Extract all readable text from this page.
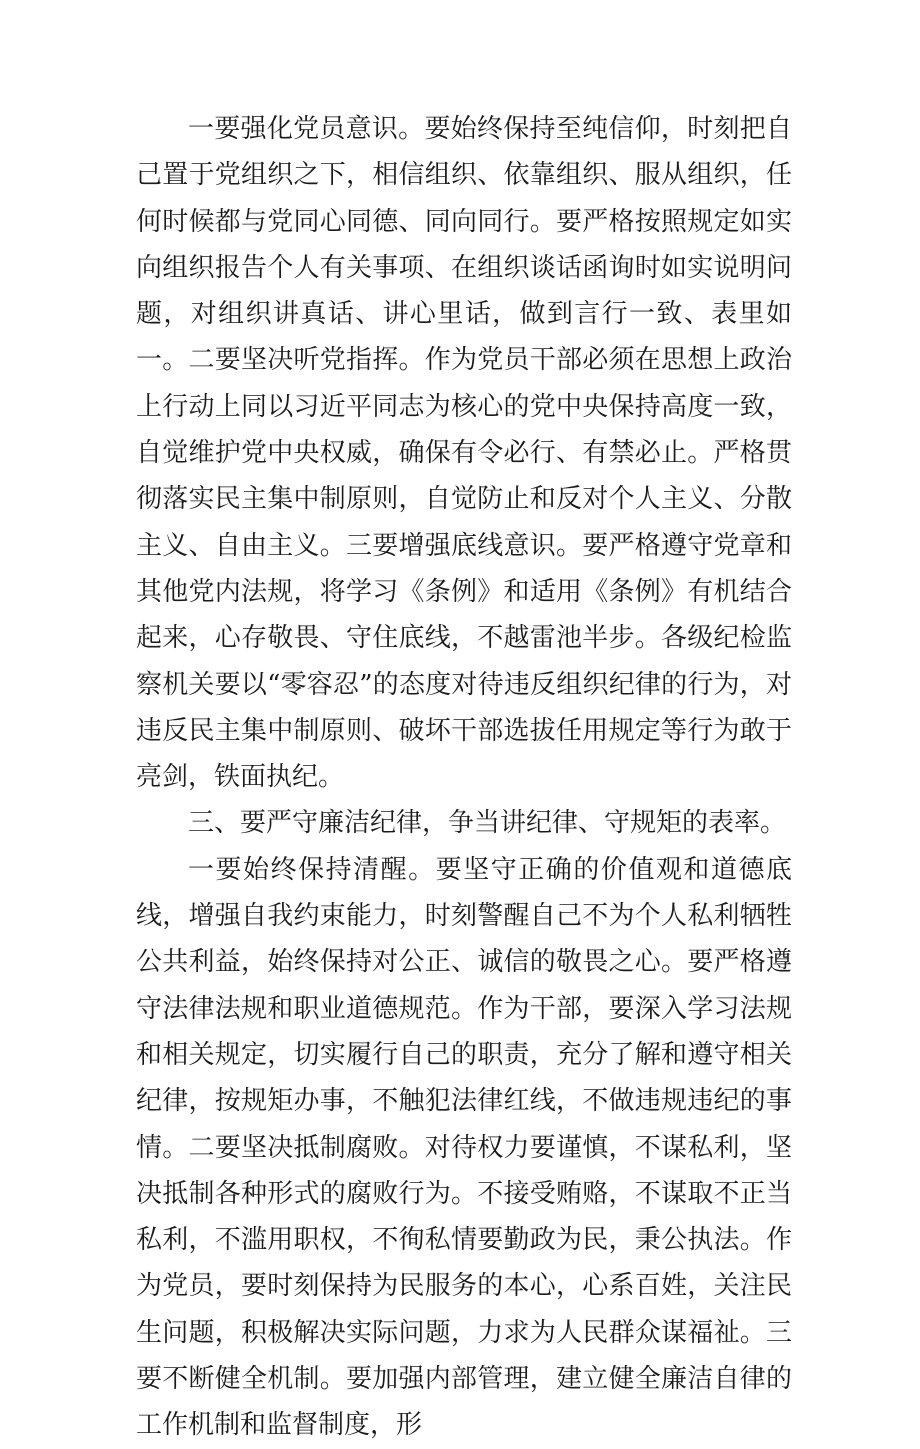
一要强化党员意识。要始终保持至纯信仰，时刻把自己置于党组织之下，相信组织、依靠组织、服从组织，任何时候都与党同心同德、同向同行。要严格按照规定如实向组织报告个人有关事项、在组织谈话函询时如实说明问题，对组织讲真话、讲心里话，做到言行一致、表里如一。二要坚决听党指挥。作为党员干部必须在思想上政治上行动上同以习近平同志为核心的党中央保持高度一致，自觉维护党中央权威，确保有令必行、有禁必止。严格贯彻落实民主集中制原则，自觉防止和反对个人主义、分散主义、自由主义。三要增强底线意识。要严格遵守党章和其他党内法规，将学习《条例》和适用《条例》有机结合起来，心存敬畏、守住底线，不越雷池半步。各级纪检监察机关要以“零容忍”的态度对待违反组织纪律的行为，对违反民主集中制原则、破坏干部选拔任用规定等行为敢于亮剑，铁面执纪。

三、要严守廉洁纪律，争当讲纪律、守规矩的表率。

一要始终保持清醒。要坚守正确的价值观和道德底线，增强自我约束能力，时刻警醒自己不为个人私利牺牲公共利益，始终保持对公正、诚信的敬畏之心。要严格遵守法律法规和职业道德规范。作为干部，要深入学习法规和相关规定，切实履行自己的职责，充分了解和遵守相关纪律，按规矩办事，不触犯法律红线，不做违规违纪的事情。二要坚决抵制腐败。对待权力要谨慎，不谋私利，坚决抵制各种形式的腐败行为。不接受贿赂，不谋取不正当私利，不滥用职权，不徇私情要勤政为民，秉公执法。作为党员，要时刻保持为民服务的本心，心系百姓，关注民生问题，积极解决实际问题，力求为人民群众谋福祉。三要不断健全机制。要加强内部管理，建立健全廉洁自律的工作机制和监督制度，形
